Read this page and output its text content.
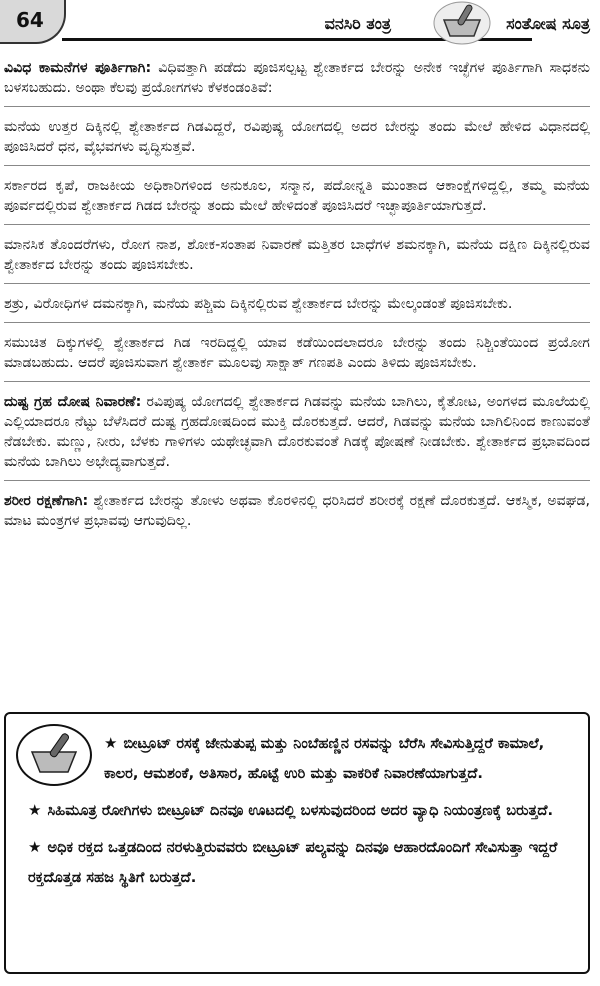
64	ವನಸಿರಿ ತಂತ್ರ	ಸಂತೋಷ ಸೂತ್ರ

ವಿವಿಧ ಕಾಮನೆಗಳ ಪೂರ್ತಿಗಾಗಿ: ವಿಧಿವತ್ತಾಗಿ ಪಡೆದು ಪೂಜಿಸಲ್ಪಟ್ಟ ಶ್ವೇತಾರ್ಕದ ಬೇರನ್ನು ಅನೇಕ ಇಚ್ಛೆಗಳ ಪೂರ್ತಿಗಾಗಿ ಸಾಧಕನು ಬಳಸಬಹುದು. ಅಂಥಾ ಕೆಲವು ಪ್ರಯೋಗಗಳು ಕೆಳಕಂಡಂತಿವೆ:

ಮನೆಯ ಉತ್ತರ ದಿಕ್ಕಿನಲ್ಲಿ ಶ್ವೇತಾರ್ಕದ ಗಿಡವಿದ್ದರೆ, ರವಿಪುಷ್ಯ ಯೋಗದಲ್ಲಿ ಅದರ ಬೇರನ್ನು ತಂದು ಮೇಲೆ ಹೇಳಿದ ವಿಧಾನದಲ್ಲಿ ಪೂಜಿಸಿದರೆ ಧನ, ವೈಭವಗಳು ವೃದ್ಧಿಸುತ್ತವೆ.

ಸರ್ಕಾರದ ಕೃಪೆ, ರಾಜಕೀಯ ಅಧಿಕಾರಿಗಳಿಂದ ಅನುಕೂಲ, ಸನ್ಮಾನ, ಪದೋನ್ನತಿ ಮುಂತಾದ ಆಕಾಂಕ್ಷೆಗಳಿದ್ದಲ್ಲಿ, ತಮ್ಮ ಮನೆಯ ಪೂರ್ವದಲ್ಲಿರುವ ಶ್ವೇತಾರ್ಕದ ಗಿಡದ ಬೇರನ್ನು ತಂದು ಮೇಲೆ ಹೇಳಿದಂತೆ ಪೂಜಿಸಿದರೆ ಇಚ್ಛಾಪೂರ್ತಿಯಾಗುತ್ತದೆ.

ಮಾನಸಿಕ ತೊಂದರೆಗಳು, ರೋಗ ನಾಶ, ಶೋಕ-ಸಂತಾಪ ನಿವಾರಣೆ ಮತ್ತಿತರ ಬಾಧೆಗಳ ಶಮನಕ್ಕಾಗಿ, ಮನೆಯ ದಕ್ಷಿಣ ದಿಕ್ಕಿನಲ್ಲಿರುವ ಶ್ವೇತಾರ್ಕದ ಬೇರನ್ನು ತಂದು ಪೂಜಿಸಬೇಕು.

ಶತ್ರು, ವಿರೋಧಿಗಳ ದಮನಕ್ಕಾಗಿ, ಮನೆಯ ಪಶ್ಚಿಮ ದಿಕ್ಕಿನಲ್ಲಿರುವ ಶ್ವೇತಾರ್ಕದ ಬೇರನ್ನು ಮೇಲ್ಕಂಡಂತೆ ಪೂಜಿಸಬೇಕು.

ಸಮುಚಿತ ದಿಕ್ಕುಗಳಲ್ಲಿ ಶ್ವೇತಾರ್ಕದ ಗಿಡ ಇರದಿದ್ದಲ್ಲಿ ಯಾವ ಕಡೆಯಿಂದಲಾದರೂ ಬೇರನ್ನು ತಂದು ನಿಶ್ಚಿಂತೆಯಿಂದ ಪ್ರಯೋಗ ಮಾಡಬಹುದು. ಆದರೆ ಪೂಜಿಸುವಾಗ ಶ್ವೇತಾರ್ಕ ಮೂಲವು ಸಾಕ್ಷಾತ್ ಗಣಪತಿ ಎಂದು ತಿಳಿದು ಪೂಜಿಸಬೇಕು.

ದುಷ್ಟ ಗ್ರಹ ದೋಷ ನಿವಾರಣೆ: ರವಿಪುಷ್ಯ ಯೋಗದಲ್ಲಿ ಶ್ವೇತಾರ್ಕದ ಗಿಡವನ್ನು ಮನೆಯ ಬಾಗಿಲು, ಕೈತೋಟ, ಅಂಗಳದ ಮೂಲೆಯಲ್ಲಿ ಎಲ್ಲಿಯಾದರೂ ನೆಟ್ಟು ಬೆಳೆಸಿದರೆ ದುಷ್ಟ ಗ್ರಹದೋಷದಿಂದ ಮುಕ್ತಿ ದೊರಕುತ್ತದೆ. ಆದರೆ, ಗಿಡವನ್ನು ಮನೆಯ ಬಾಗಿಲಿನಿಂದ ಕಾಣುವಂತೆ ನೆಡಬೇಕು. ಮಣ್ಣು, ನೀರು, ಬೆಳಕು ಗಾಳಿಗಳು ಯಥೇಚ್ಛವಾಗಿ ದೊರಕುವಂತೆ ಗಿಡಕ್ಕೆ ಪೋಷಣೆ ನೀಡಬೇಕು. ಶ್ವೇತಾರ್ಕದ ಪ್ರಭಾವದಿಂದ ಮನೆಯ ಬಾಗಿಲು ಅಭೇದ್ಯವಾಗುತ್ತದೆ.

ಶರೀರ ರಕ್ಷಣೆಗಾಗಿ: ಶ್ವೇತಾರ್ಕದ ಬೇರನ್ನು ತೋಳು ಅಥವಾ ಕೊರಳಿನಲ್ಲಿ ಧರಿಸಿದರೆ ಶರೀರಕ್ಕೆ ರಕ್ಷಣೆ ದೊರಕುತ್ತದೆ. ಆಕಸ್ಮಿಕ, ಅವಘಡ, ಮಾಟ ಮಂತ್ರಗಳ ಪ್ರಭಾವವು ಆಗುವುದಿಲ್ಲ.

★ ಬೀಟ್ರೂಟ್ ರಸಕ್ಕೆ ಜೇನುತುಪ್ಪ ಮತ್ತು ನಿಂಬೆಹಣ್ಣಿನ ರಸವನ್ನು ಬೆರೆಸಿ ಸೇವಿಸುತ್ತಿದ್ದರೆ ಕಾಮಾಲೆ, ಕಾಲರ, ಆಮಶಂಕೆ, ಅತಿಸಾರ, ಹೊಟ್ಟೆ ಉರಿ ಮತ್ತು ವಾಕರಿಕೆ ನಿವಾರಣೆಯಾಗುತ್ತದೆ.

★ ಸಿಹಿಮೂತ್ರ ರೋಗಿಗಳು ಬೀಟ್ರೂಟ್ ದಿನವೂ ಊಟದಲ್ಲಿ ಬಳಸುವುದರಿಂದ ಅದರ ವ್ಯಾಧಿ ನಿಯಂತ್ರಣಕ್ಕೆ ಬರುತ್ತದೆ.

★ ಅಧಿಕ ರಕ್ತದ ಒತ್ತಡದಿಂದ ನರಳುತ್ತಿರುವವರು ಬೀಟ್ರೂಟ್ ಪಲ್ಯವನ್ನು ದಿನವೂ ಆಹಾರದೊಂದಿಗೆ ಸೇವಿಸುತ್ತಾ ಇದ್ದರೆ ರಕ್ತದೊತ್ತಡ ಸಹಜ ಸ್ಥಿತಿಗೆ ಬರುತ್ತದೆ.
